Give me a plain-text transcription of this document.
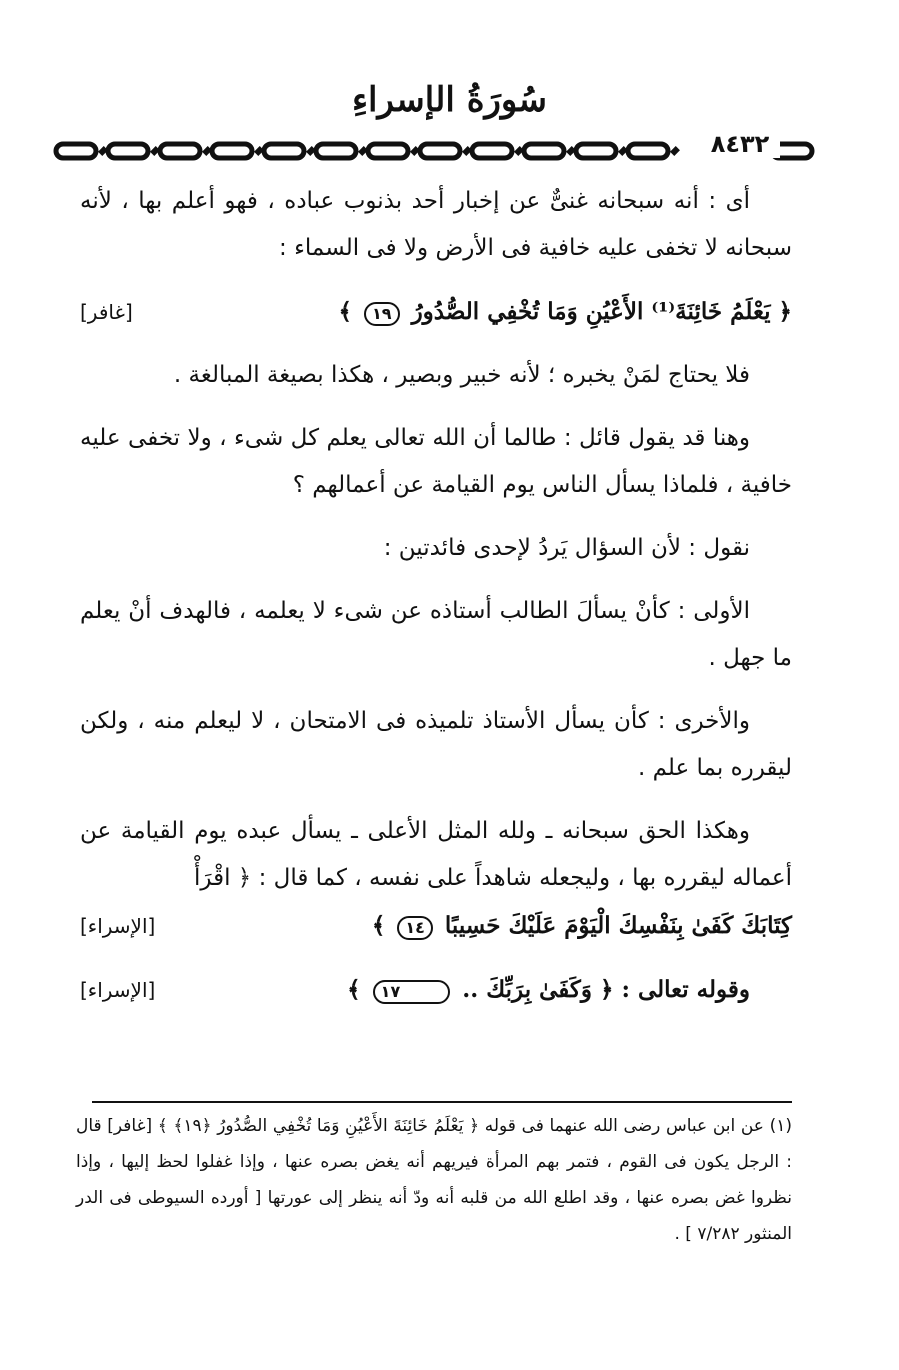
سُورَةُ الإسراءِ
٨٤٣٢

أى : أنه سبحانه غنىٌّ عن إخبار أحد بذنوب عباده ، فهو أعلم بها ، لأنه سبحانه لا تخفى عليه خافية فى الأرض ولا فى السماء :

﴿ يَعْلَمُ خَائِنَةَ⁽¹⁾ الأَعْيُنِ وَمَا تُخْفِي الصُّدُورُ ١٩ ﴾
[غافر]

فلا يحتاج لمَنْ يخبره ؛ لأنه خبير وبصير ، هكذا بصيغة المبالغة .

وهنا قد يقول قائل : طالما أن الله تعالى يعلم كل شىء ، ولا تخفى عليه خافية ، فلماذا يسأل الناس يوم القيامة عن أعمالهم ؟

نقول : لأن السؤال يَردُ لإحدى فائدتين :

الأولى : كأنْ يسألَ الطالب أستاذه عن شىء لا يعلمه ، فالهدف أنْ يعلم ما جهل .

والأخرى : كأن يسأل الأستاذ تلميذه فى الامتحان ، لا ليعلم منه ، ولكن ليقرره بما علم .

وهكذا الحق سبحانه ـ ولله المثل الأعلى ـ يسأل عبده يوم القيامة عن أعماله ليقرره بها ، وليجعله شاهداً على نفسه ، كما قال : ﴿ اقْرَأْ

كِتَابَكَ كَفَىٰ بِنَفْسِكَ الْيَوْمَ عَلَيْكَ حَسِيبًا ١٤ ﴾
[الإسراء]
وقوله تعالى : ﴿ وَكَفَىٰ بِرَبِّكَ .. ١٧ ﴾
[الإسراء]

(١) عن ابن عباس رضى الله عنهما فى قوله ﴿ يَعْلَمُ خَائِنَةَ الأَعْيُنِ وَمَا تُخْفِي الصُّدُورُ ﴿١٩﴾ ﴾ [غافر] قال : الرجل يكون فى القوم ، فتمر بهم المرأة فيريهم أنه يغض بصره عنها ، وإذا غفلوا لحظ إليها ، وإذا نظروا غض بصره عنها ، وقد اطلع الله من قلبه أنه ودّ أنه ينظر إلى عورتها [ أورده السيوطى فى الدر المنثور ٧/٢٨٢ ] .
